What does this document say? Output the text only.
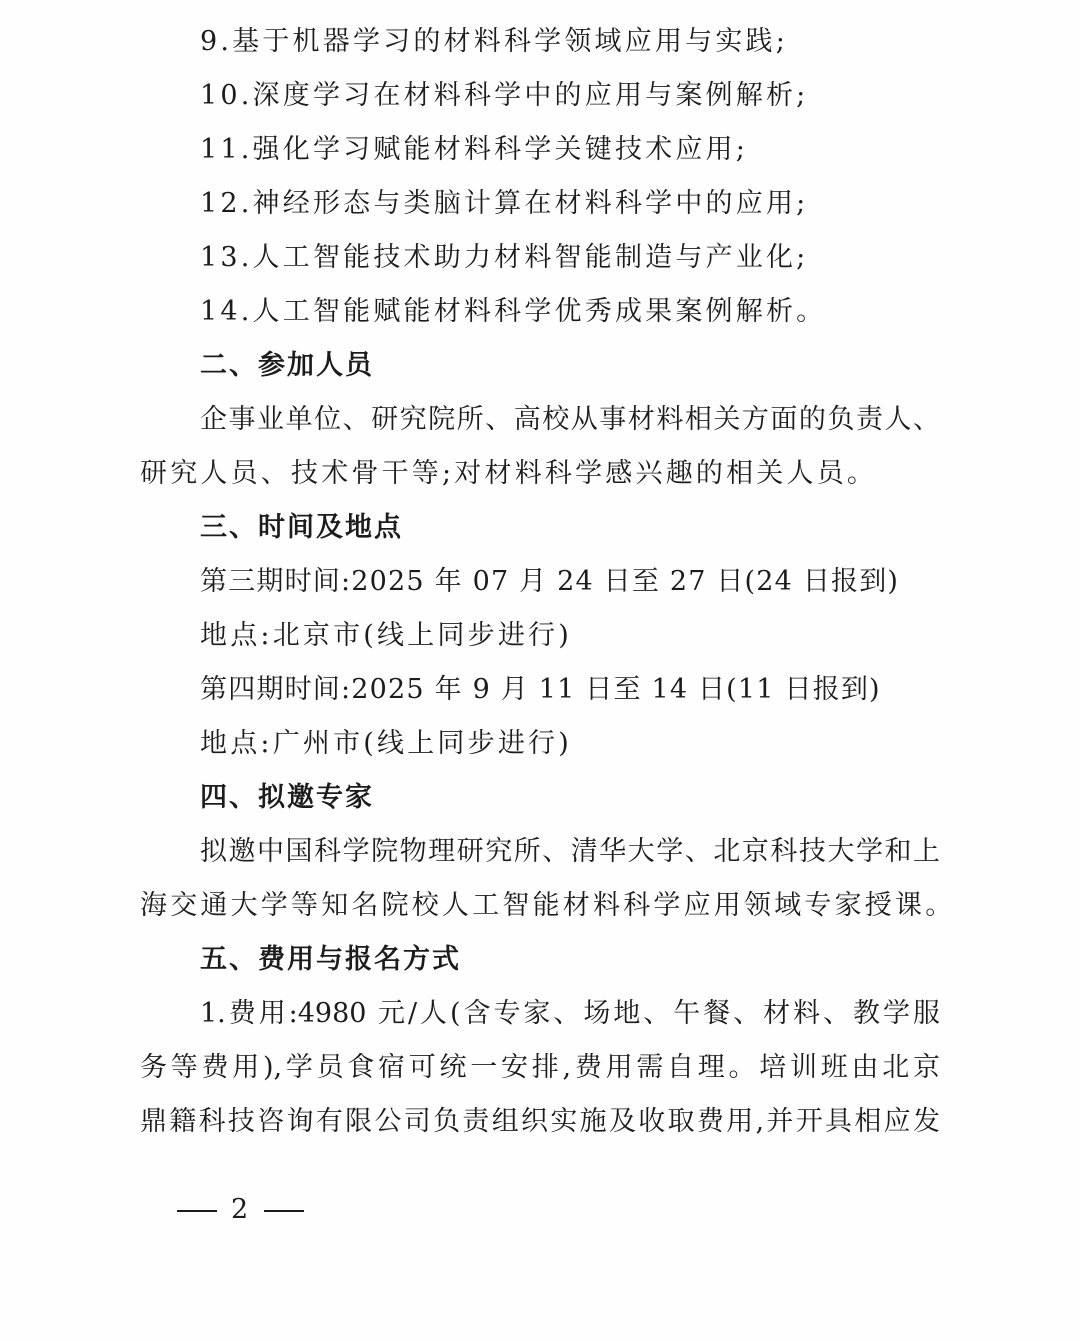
9.基于机器学习的材料科学领域应用与实践;
10.深度学习在材料科学中的应用与案例解析;
11.强化学习赋能材料科学关键技术应用;
12.神经形态与类脑计算在材料科学中的应用;
13.人工智能技术助力材料智能制造与产业化;
14.人工智能赋能材料科学优秀成果案例解析。
二、参加人员
企事业单位、研究院所、高校从事材料相关方面的负责人、
研究人员、技术骨干等;对材料科学感兴趣的相关人员。
三、时间及地点
第三期时间:2025 年 07 月 24 日至 27 日(24 日报到)
地点:北京市(线上同步进行)
第四期时间:2025 年 9 月 11 日至 14 日(11 日报到)
地点:广州市(线上同步进行)
四、拟邀专家
拟邀中国科学院物理研究所、清华大学、北京科技大学和上
海交通大学等知名院校人工智能材料科学应用领域专家授课。
五、费用与报名方式
1.费用:4980 元/人(含专家、场地、午餐、材料、教学服
务等费用),学员食宿可统一安排,费用需自理。培训班由北京
鼎籍科技咨询有限公司负责组织实施及收取费用,并开具相应发
2
